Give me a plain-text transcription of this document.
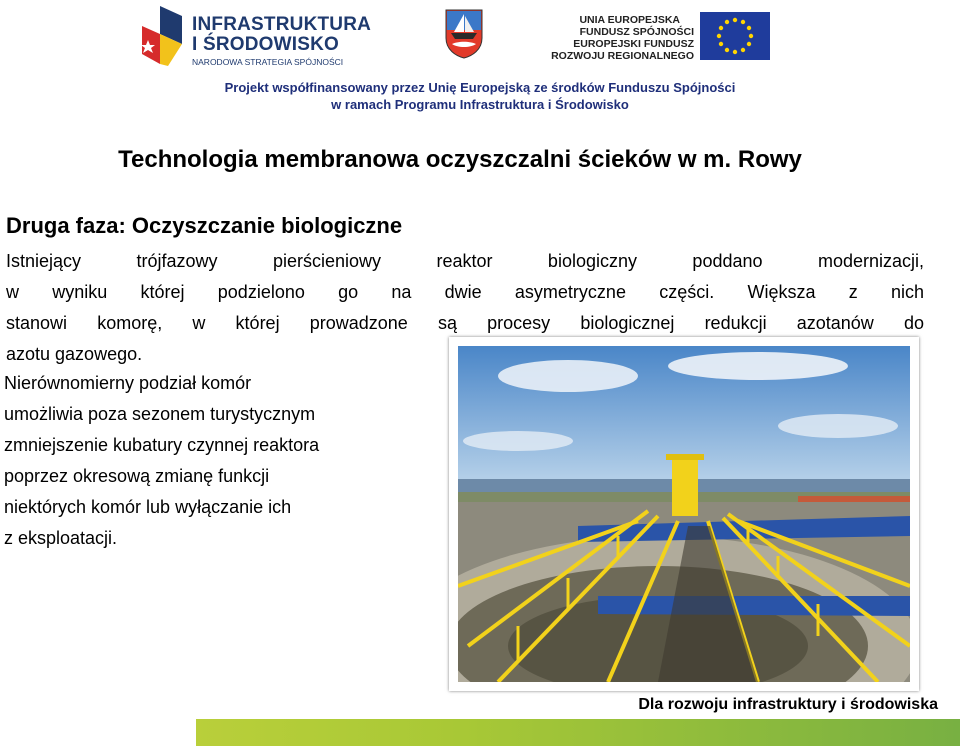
INFRASTRUKTURA
I ŚRODOWISKO
NARODOWA STRATEGIA SPÓJNOŚCI
UNIA EUROPEJSKA
FUNDUSZ SPÓJNOŚCI
EUROPEJSKI FUNDUSZ
ROZWOJU REGIONALNEGO
Projekt współfinansowany przez Unię Europejską ze środków Funduszu Spójności
w ramach Programu Infrastruktura i Środowisko
Technologia membranowa oczyszczalni ścieków w m. Rowy
Druga faza: Oczyszczanie biologiczne
Istniejący trójfazowy pierścieniowy reaktor biologiczny poddano modernizacji,
w wyniku której podzielono go na dwie asymetryczne części. Większa z nich
stanowi komorę, w której prowadzone są procesy biologicznej redukcji azotanów do
azotu gazowego.
Nierównomierny podział komór
umożliwia poza sezonem turystycznym
zmniejszenie kubatury czynnej reaktora
poprzez okresową zmianę funkcji
niektórych komór lub wyłączanie ich
z eksploatacji.
Dla rozwoju infrastruktury i środowiska
